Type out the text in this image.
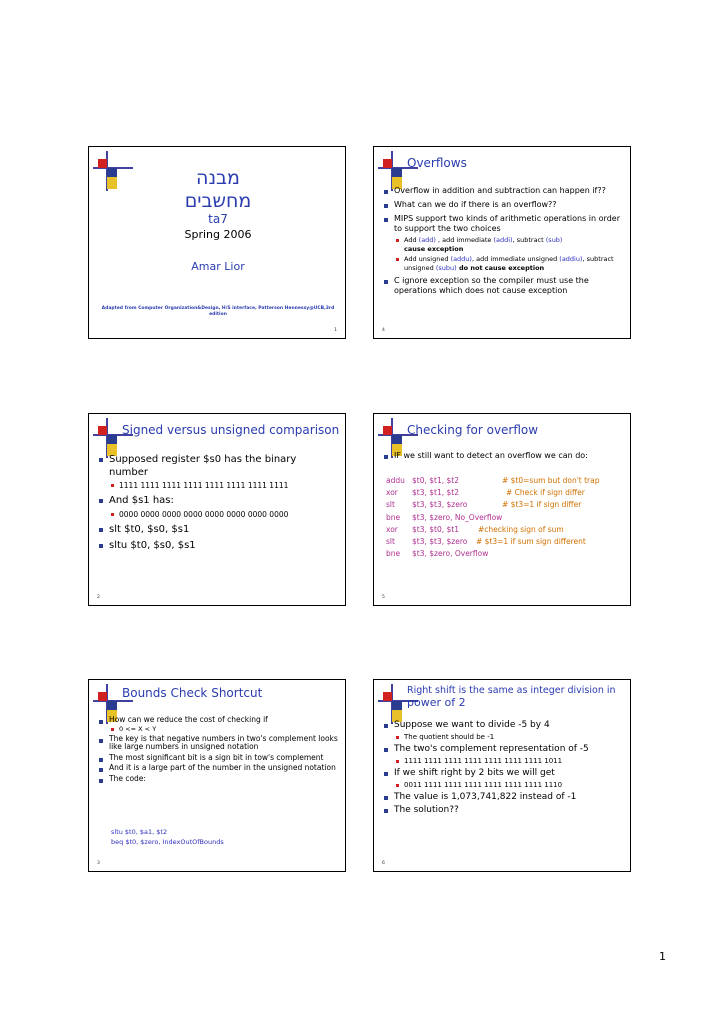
מבנה
מחשבים
ta7
Spring 2006
Amar Lior
Adapted from Computer Organization&Design, H/S interface, Patterson Hennessy@UCB,3rd edition
1
Overflows
Overflow in addition and subtraction can happen if??
What can we do if there is an overflow??
MIPS support two kinds of arithmetic operations in order to support the two choices
Add (add) , add immediate (addi), subtract (sub)
cause exception
Add unsigned (addu), add immediate unsigned (addiu), subtract unsigned (subu) do not cause exception
C ignore exception so the compiler must use the operations which does not cause exception
4
Signed versus unsigned comparison
Supposed register $s0 has the binary number
1111 1111 1111 1111 1111 1111 1111 1111
And $s1 has:
0000 0000 0000 0000 0000 0000 0000 0000
slt $t0, $s0, $s1
sltu $t0, $s0, $s1
2
Checking for overflow
IF we still want to detect an overflow we can do:
addu $t0, $t1, $t2	# $t0=sum but don't trap
xor	$t3, $t1, $t2	# Check if sign differ
slt	$t3, $t3, $zero	# $t3=1 if sign differ
bne	$t3, $zero, No_Overflow
xor	$t3, $t0, $t1	#checking sign of sum
slt	$t3, $t3, $zero	# $t3=1 if sum sign different
bne	$t3, $zero, Overflow
5
Bounds Check Shortcut
How can we reduce the cost of checking if
0 <= X < Y
The key is that negative numbers in two's complement looks like large numbers in unsigned notation
The most significant bit is a sign bit in tow's complement
And it is a large part of the number in the unsigned notation
The code:
sltu $t0, $a1, $t2
beq $t0, $zero, IndexOutOfBounds
3
Right shift is the same as integer division in
power of 2
Suppose we want to divide -5 by 4
The quotient should be -1
The two's complement representation of -5
1111 1111 1111 1111 1111 1111 1111 1011
If we shift right by 2 bits we will get
0011 1111 1111 1111 1111 1111 1111 1110
The value is 1,073,741,822 instead of -1
The solution??
6
1
